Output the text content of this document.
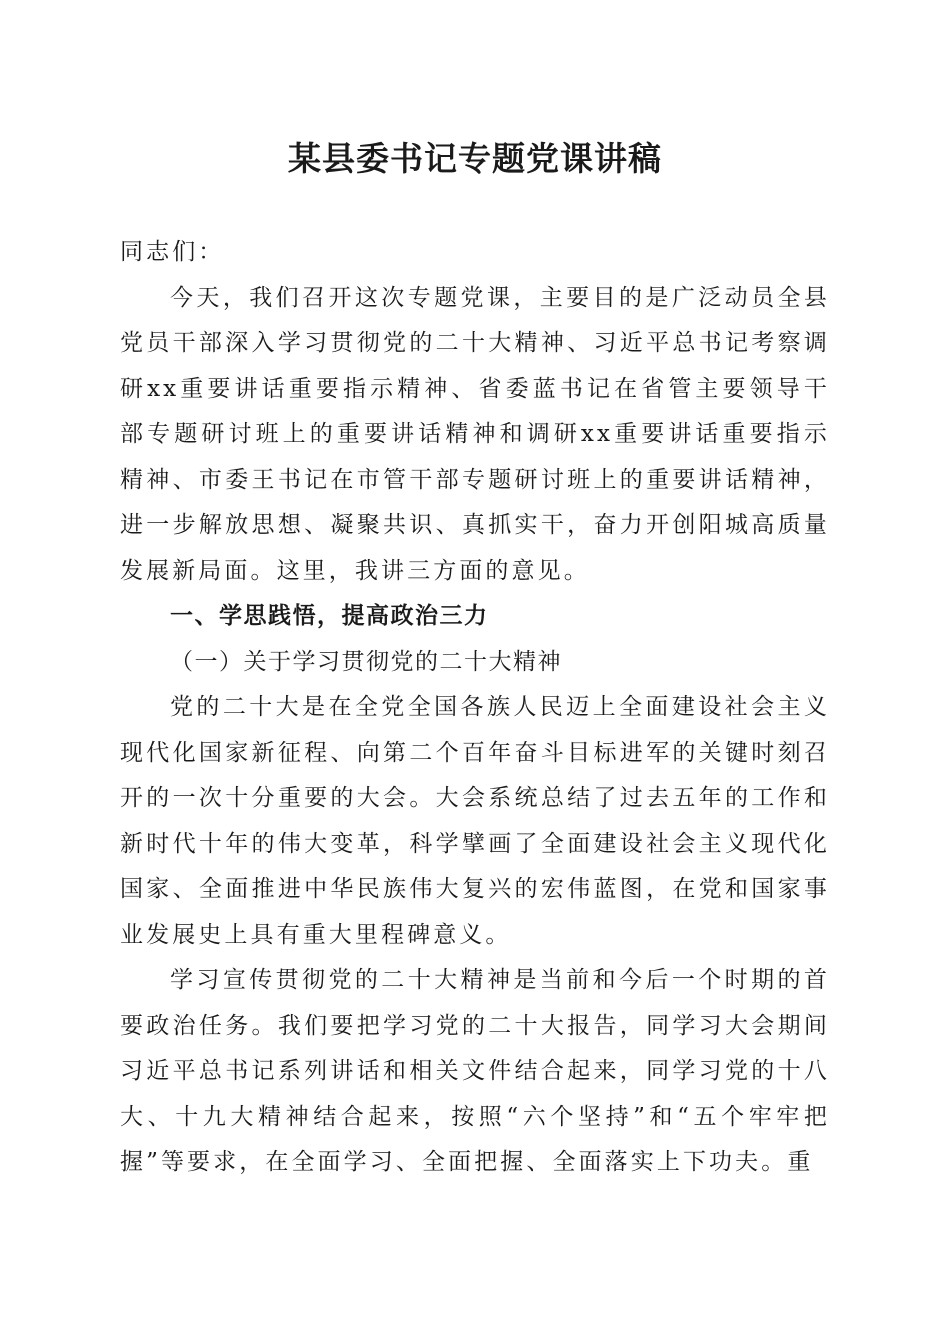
某县委书记专题党课讲稿

同志们：

今天，我们召开这次专题党课，主要目的是广泛动员全县党员干部深入学习贯彻党的二十大精神、习近平总书记考察调研xx重要讲话重要指示精神、省委蓝书记在省管主要领导干部专题研讨班上的重要讲话精神和调研xx重要讲话重要指示精神、市委王书记在市管干部专题研讨班上的重要讲话精神，进一步解放思想、凝聚共识、真抓实干，奋力开创阳城高质量发展新局面。这里，我讲三方面的意见。

一、学思践悟，提高政治三力

（一）关于学习贯彻党的二十大精神

党的二十大是在全党全国各族人民迈上全面建设社会主义现代化国家新征程、向第二个百年奋斗目标进军的关键时刻召开的一次十分重要的大会。大会系统总结了过去五年的工作和新时代十年的伟大变革，科学擘画了全面建设社会主义现代化国家、全面推进中华民族伟大复兴的宏伟蓝图，在党和国家事业发展史上具有重大里程碑意义。

学习宣传贯彻党的二十大精神是当前和今后一个时期的首要政治任务。我们要把学习党的二十大报告，同学习大会期间习近平总书记系列讲话和相关文件结合起来，同学习党的十八大、十九大精神结合起来，按照“六个坚持”和“五个牢牢把握”等要求，在全面学习、全面把握、全面落实上下功夫。重
